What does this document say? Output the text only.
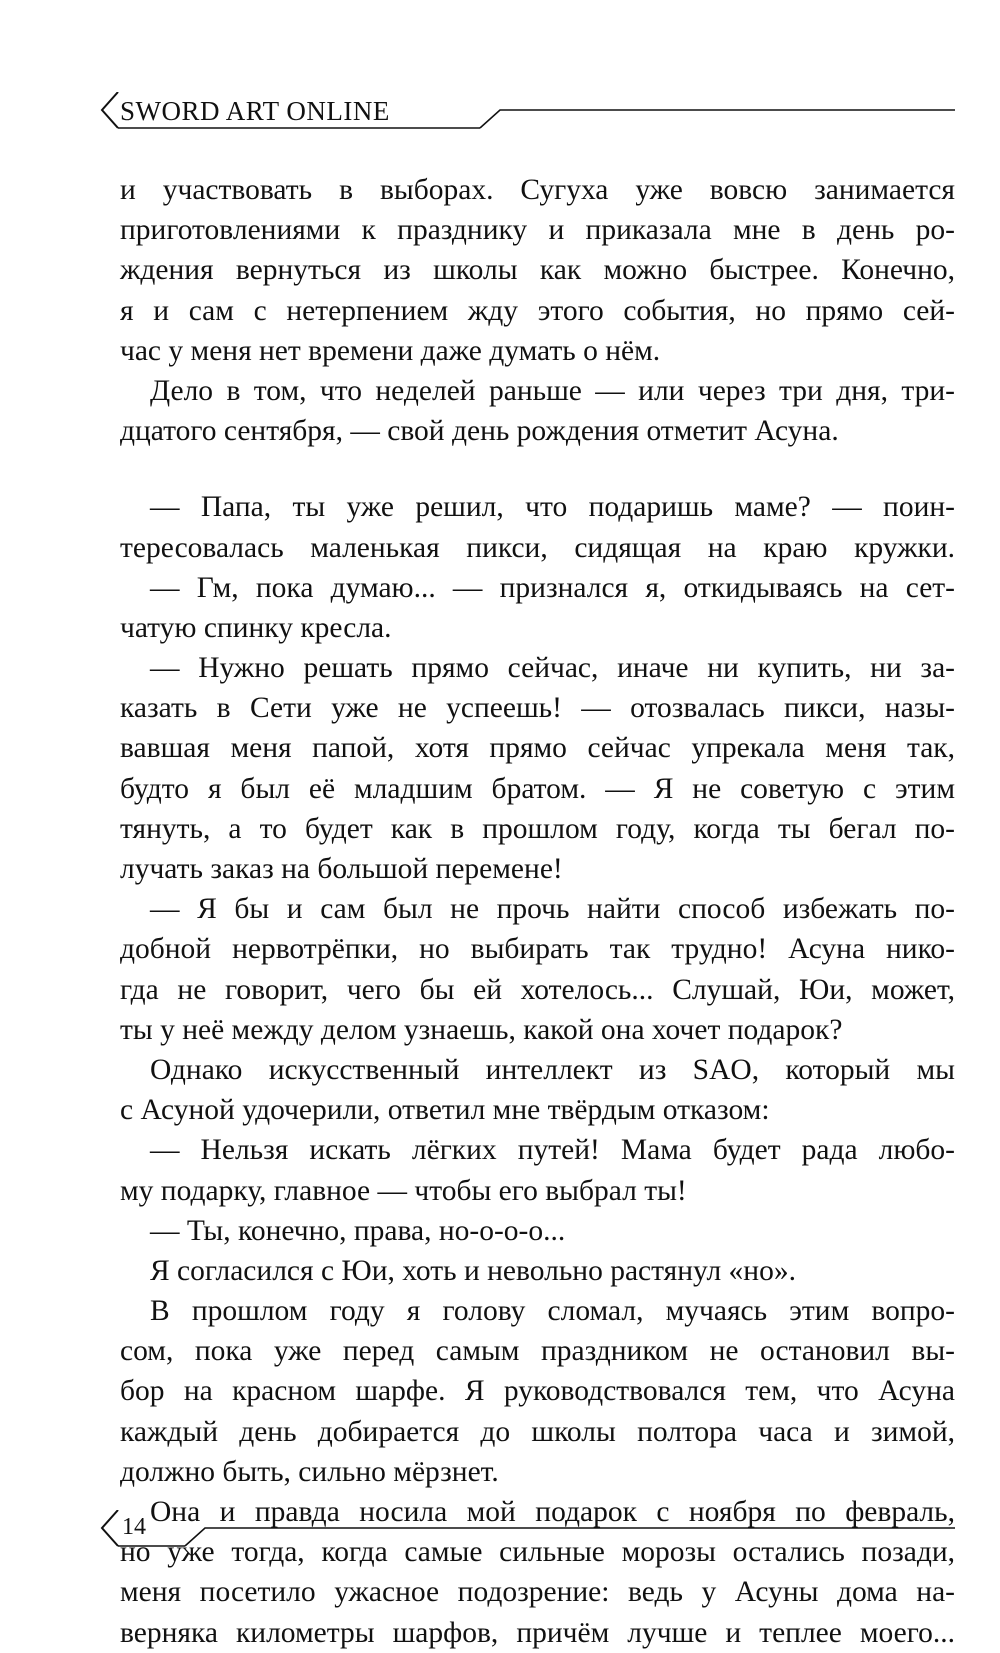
SWORD ART ONLINE
и участвовать в выборах. Сугуха уже вовсю занимается
приготовлениями к празднику и приказала мне в день ро-
ждения вернуться из школы как можно быстрее. Конечно,
я и сам с нетерпением жду этого события, но прямо сей-
час у меня нет времени даже думать о нём.
Дело в том, что неделей раньше — или через три дня, три-
дцатого сентября, — свой день рождения отметит Асуна.
— Папа, ты уже решил, что подаришь маме? — поин-
тересовалась маленькая пикси, сидящая на краю кружки.
— Гм, пока думаю... — признался я, откидываясь на сет-
чатую спинку кресла.
— Нужно решать прямо сейчас, иначе ни купить, ни за-
казать в Сети уже не успеешь! — отозвалась пикси, назы-
вавшая меня папой, хотя прямо сейчас упрекала меня так,
будто я был её младшим братом. — Я не советую с этим
тянуть, а то будет как в прошлом году, когда ты бегал по-
лучать заказ на большой перемене!
— Я бы и сам был не прочь найти способ избежать по-
добной нервотрёпки, но выбирать так трудно! Асуна нико-
гда не говорит, чего бы ей хотелось... Слушай, Юи, может,
ты у неё между делом узнаешь, какой она хочет подарок?
Однако искусственный интеллект из SAO, который мы
с Асуной удочерили, ответил мне твёрдым отказом:
— Нельзя искать лёгких путей! Мама будет рада любо-
му подарку, главное — чтобы его выбрал ты!
— Ты, конечно, права, но-о-о-о...
Я согласился с Юи, хоть и невольно растянул «но».
В прошлом году я голову сломал, мучаясь этим вопро-
сом, пока уже перед самым праздником не остановил вы-
бор на красном шарфе. Я руководствовался тем, что Асуна
каждый день добирается до школы полтора часа и зимой,
должно быть, сильно мёрзнет.
Она и правда носила мой подарок с ноября по февраль,
но уже тогда, когда самые сильные морозы остались позади,
меня посетило ужасное подозрение: ведь у Асуны дома на-
верняка километры шарфов, причём лучше и теплее моего...
14
